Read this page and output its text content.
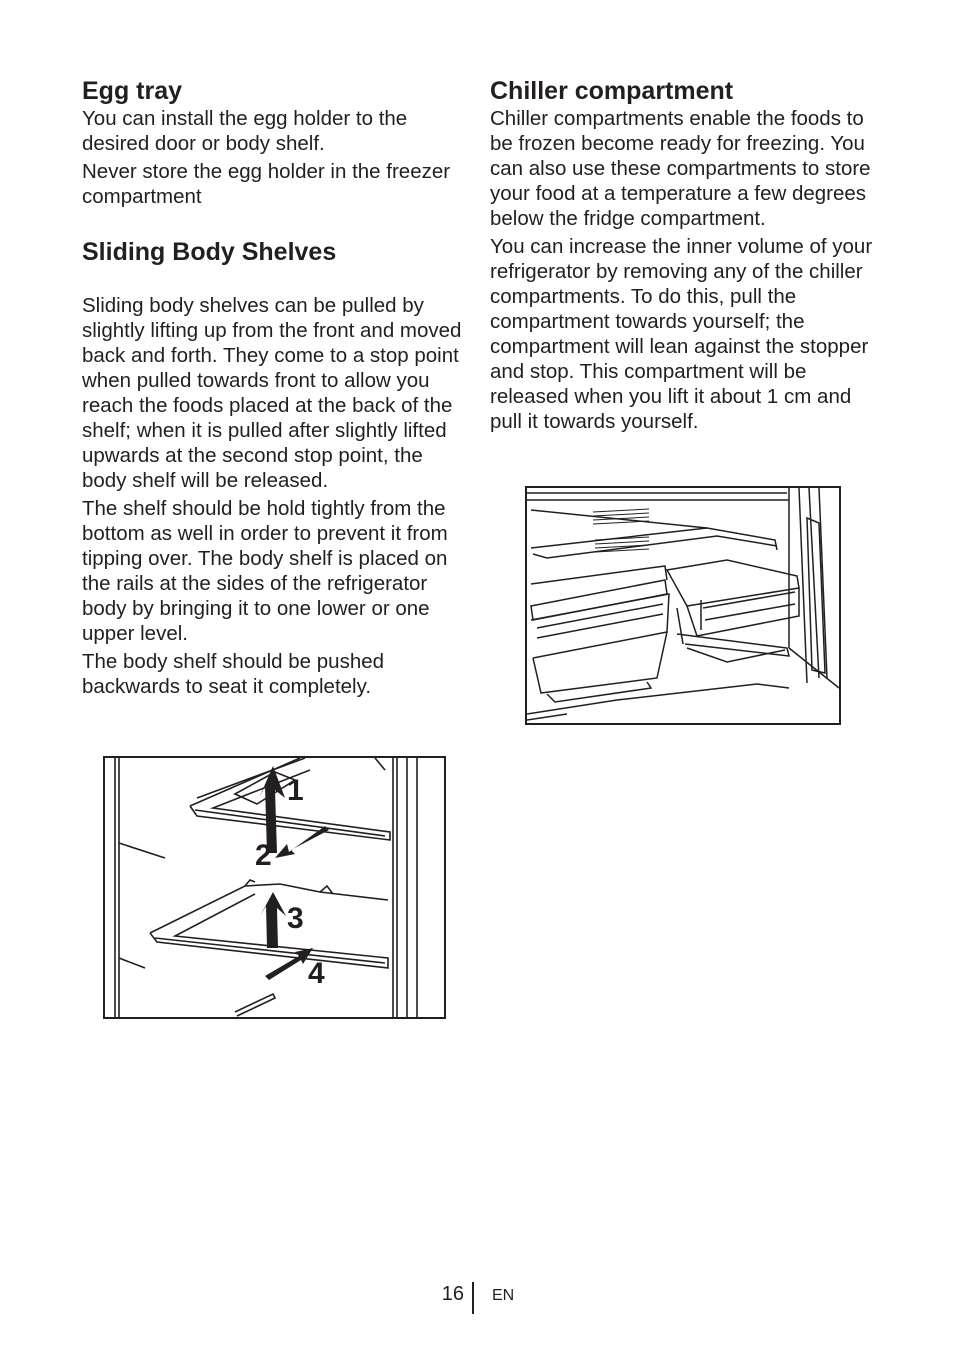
Egg tray

You can install the egg holder to the desired door or body shelf.

Never store the egg holder in the freezer compartment

Sliding Body Shelves

Sliding body shelves can be pulled by slightly lifting up from the front and moved back and forth. They come to a stop point when pulled towards front to allow you reach the foods placed at the back of the shelf; when it is pulled after slightly lifted upwards at the second stop point, the body shelf will be released.

The shelf should be hold tightly from the bottom as well in order to prevent it from tipping over. The body shelf is placed on the rails at the sides of the refrigerator body by bringing it to one lower or one upper level.

The body shelf should be pushed backwards to seat it completely.

Chiller compartment

Chiller compartments enable the foods to be frozen become ready for freezing. You can also use these compartments to store your food at a temperature a few degrees below the fridge compartment.

You can increase the inner volume of your refrigerator by removing any of the chiller compartments. To do this, pull the compartment towards yourself; the compartment will lean against the stopper and stop. This compartment will be released when you lift it about 1 cm and pull it towards yourself.

1
2
3
4
16 EN
